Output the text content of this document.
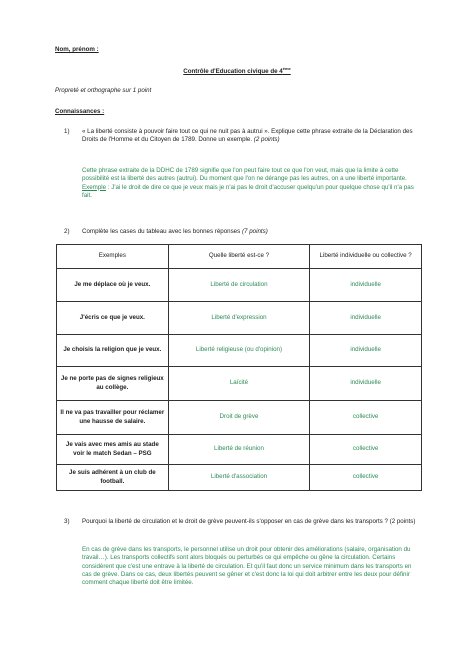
Nom, prénom :
Contrôle d'Education civique de 4ème
Propreté et orthographe sur 1 point
Connaissances :
1) « La liberté consiste à pouvoir faire tout ce qui ne nuit pas à autrui ». Explique cette phrase extraite de la Déclaration des Droits de l'Homme et du Citoyen de 1789. Donne un exemple. (2 points)
Cette phrase extraite de la DDHC de 1789 signifie que l'on peut faire tout ce que l'on veut, mais que la limite à cette possibilité est la liberté des autres (autrui). Du moment que l'on ne dérange pas les autres, on a une liberté importante. Exemple : J'ai le droit de dire ce que je veux mais je n'ai pas le droit d'accuser quelqu'un pour quelque chose qu'il n'a pas fait.
2) Complète les cases du tableau avec les bonnes réponses (7 points)
Exemples	Quelle liberté est-ce ?	Liberté individuelle ou collective ?

Je me déplace où je veux.	Liberté de circulation	individuelle

J'écris ce que je veux.	Liberté d'expression	individuelle

Je choisis la religion que je veux.	Liberté religieuse (ou d'opinion)	individuelle

Je ne porte pas de signes religieux au collège.	Laïcité	individuelle

Il ne va pas travailler pour réclamer une hausse de salaire.	Droit de grève	collective

Je vais avec mes amis au stade voir le match Sedan – PSG	Liberté de réunion	collective

Je suis adhérent à un club de football.	Liberté d'association	collective
3) Pourquoi la liberté de circulation et le droit de grève peuvent-ils s'opposer en cas de grève dans les transports ? (2 points)
En cas de grève dans les transports, le personnel utilise un droit pour obtenir des améliorations (salaire, organisation du travail…). Les transports collectifs sont alors bloqués ou perturbés ce qui empêche ou gêne la circulation. Certains considèrent que c'est une entrave à la liberté de circulation. Et qu'il faut donc un service minimum dans les transports en cas de grève. Dans ce cas, deux libertés peuvent se gêner et c'est donc la loi qui doit arbitrer entre les deux pour définir comment chaque liberté doit être limitée.
